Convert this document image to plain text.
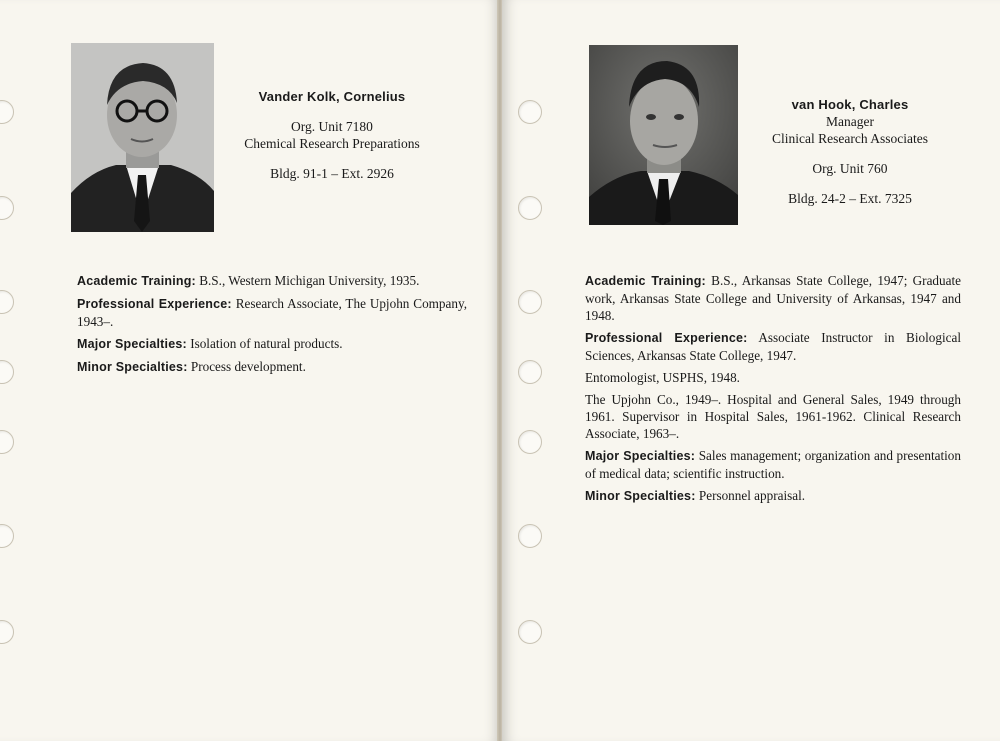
Vander Kolk, Cornelius
Org. Unit 7180
Chemical Research Preparations
Bldg. 91-1 – Ext. 2926

Academic Training: B.S., Western Michigan University, 1935.

Professional Experience: Research Associate, The Upjohn Company, 1943–.

Major Specialties: Isolation of natural products.

Minor Specialties: Process development.

van Hook, Charles
Manager
Clinical Research Associates
Org. Unit 760
Bldg. 24-2 – Ext. 7325

Academic Training: B.S., Arkansas State College, 1947; Graduate work, Arkansas State College and University of Arkansas, 1947 and 1948.

Professional Experience: Associate Instructor in Biological Sciences, Arkansas State College, 1947.

Entomologist, USPHS, 1948.

The Upjohn Co., 1949–. Hospital and General Sales, 1949 through 1961. Supervisor in Hospital Sales, 1961-1962. Clinical Research Associate, 1963–.

Major Specialties: Sales management; organization and presentation of medical data; scientific instruction.

Minor Specialties: Personnel appraisal.
